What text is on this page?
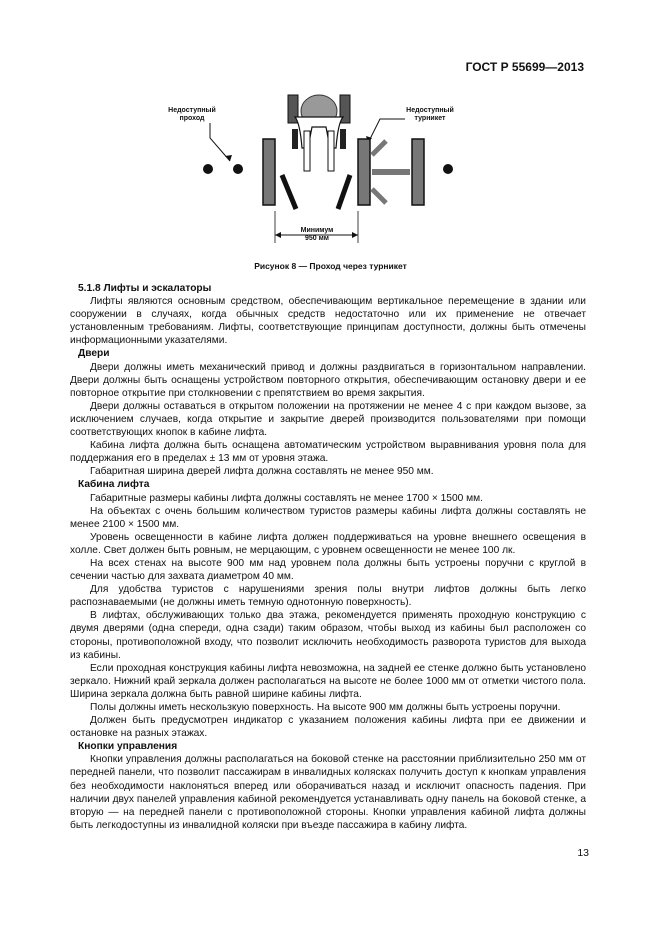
ГОСТ Р 55699—2013
Недоступный
проход
Недоступный
турникет
Минимум
950 мм
Рисунок 8 — Проход через турникет

5.1.8 Лифты и эскалаторы

Лифты являются основным средством, обеспечивающим вертикальное перемещение в здании или сооружении в случаях, когда обычных средств недостаточно или их применение не отвечает установленным требованиям. Лифты, соответствующие принципам доступности, должны быть отмечены информационными указателями.

Двери

Двери должны иметь механический привод и должны раздвигаться в горизонтальном направлении. Двери должны быть оснащены устройством повторного открытия, обеспечивающим остановку двери и ее повторное открытие при столкновении с препятствием во время закрытия.

Двери должны оставаться в открытом положении на протяжении не менее 4 с при каждом вызове, за исключением случаев, когда открытие и закрытие дверей производится пользователями при помощи соответствующих кнопок в кабине лифта.

Кабина лифта должна быть оснащена автоматическим устройством выравнивания уровня пола для поддержания его в пределах ± 13 мм от уровня этажа.

Габаритная ширина дверей лифта должна составлять не менее 950 мм.

Кабина лифта

Габаритные размеры кабины лифта должны составлять не менее 1700 × 1500 мм.

На объектах с очень большим количеством туристов размеры кабины лифта должны составлять не менее 2100 × 1500 мм.

Уровень освещенности в кабине лифта должен поддерживаться на уровне внешнего освещения в холле. Свет должен быть ровным, не мерцающим, с уровнем освещенности не менее 100 лк.

На всех стенах на высоте 900 мм над уровнем пола должны быть устроены поручни с круглой в сечении частью для захвата диаметром 40 мм.

Для удобства туристов с нарушениями зрения полы внутри лифтов должны быть легко распознаваемыми (не должны иметь темную однотонную поверхность).

В лифтах, обслуживающих только два этажа, рекомендуется применять проходную конструкцию с двумя дверями (одна спереди, одна сзади) таким образом, чтобы выход из кабины был расположен со стороны, противоположной входу, что позволит исключить необходимость разворота туристов для выхода из кабины.

Если проходная конструкция кабины лифта невозможна, на задней ее стенке должно быть установлено зеркало. Нижний край зеркала должен располагаться на высоте не более 1000 мм от отметки чистого пола. Ширина зеркала должна быть равной ширине кабины лифта.

Полы должны иметь нескользкую поверхность. На высоте 900 мм должны быть устроены поручни.

Должен быть предусмотрен индикатор с указанием положения кабины лифта при ее движении и остановке на разных этажах.

Кнопки управления

Кнопки управления должны располагаться на боковой стенке на расстоянии приблизительно 250 мм от передней панели, что позволит пассажирам в инвалидных колясках получить доступ к кнопкам управления без необходимости наклоняться вперед или оборачиваться назад и исключит опасность падения. При наличии двух панелей управления кабиной рекомендуется устанавливать одну панель на боковой стенке, а вторую — на передней панели с противоположной стороны. Кнопки управления кабиной лифта должны быть легкодоступны из инвалидной коляски при въезде пассажира в кабину лифта.

13
